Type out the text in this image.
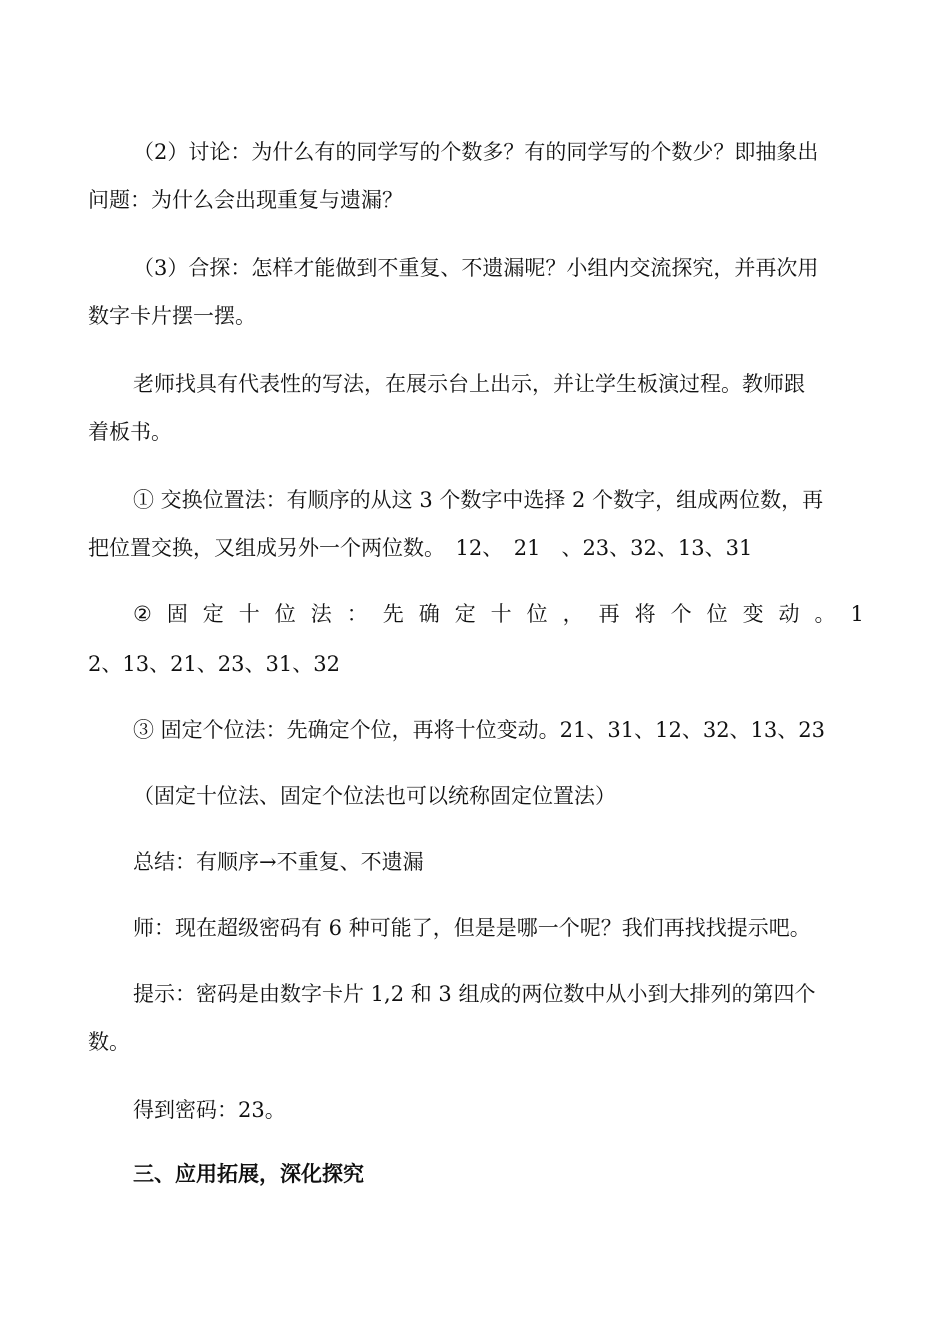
（2）讨论：为什么有的同学写的个数多？有的同学写的个数少？即抽象出
问题：为什么会出现重复与遗漏？
（3）合探：怎样才能做到不重复、不遗漏呢？小组内交流探究，并再次用
数字卡片摆一摆。
老师找具有代表性的写法，在展示台上出示，并让学生板演过程。教师跟
着板书。
① 交换位置法：有顺序的从这 3 个数字中选择 2 个数字，组成两位数，再
把位置交换，又组成另外一个两位数。　12、　21　、23、32、13、31
② 固 定 十 位 法 ： 先 确 定 十 位 ， 再 将 个 位 变 动 。 1
2、13、21、23、31、32
③ 固定个位法：先确定个位，再将十位变动。21、31、12、32、13、23
（固定十位法、固定个位法也可以统称固定位置法）
总结：有顺序→不重复、不遗漏
师：现在超级密码有 6 种可能了，但是是哪一个呢？我们再找找提示吧。
提示：密码是由数字卡片 1,2 和 3 组成的两位数中从小到大排列的第四个
数。
得到密码：23。
三、应用拓展，深化探究
